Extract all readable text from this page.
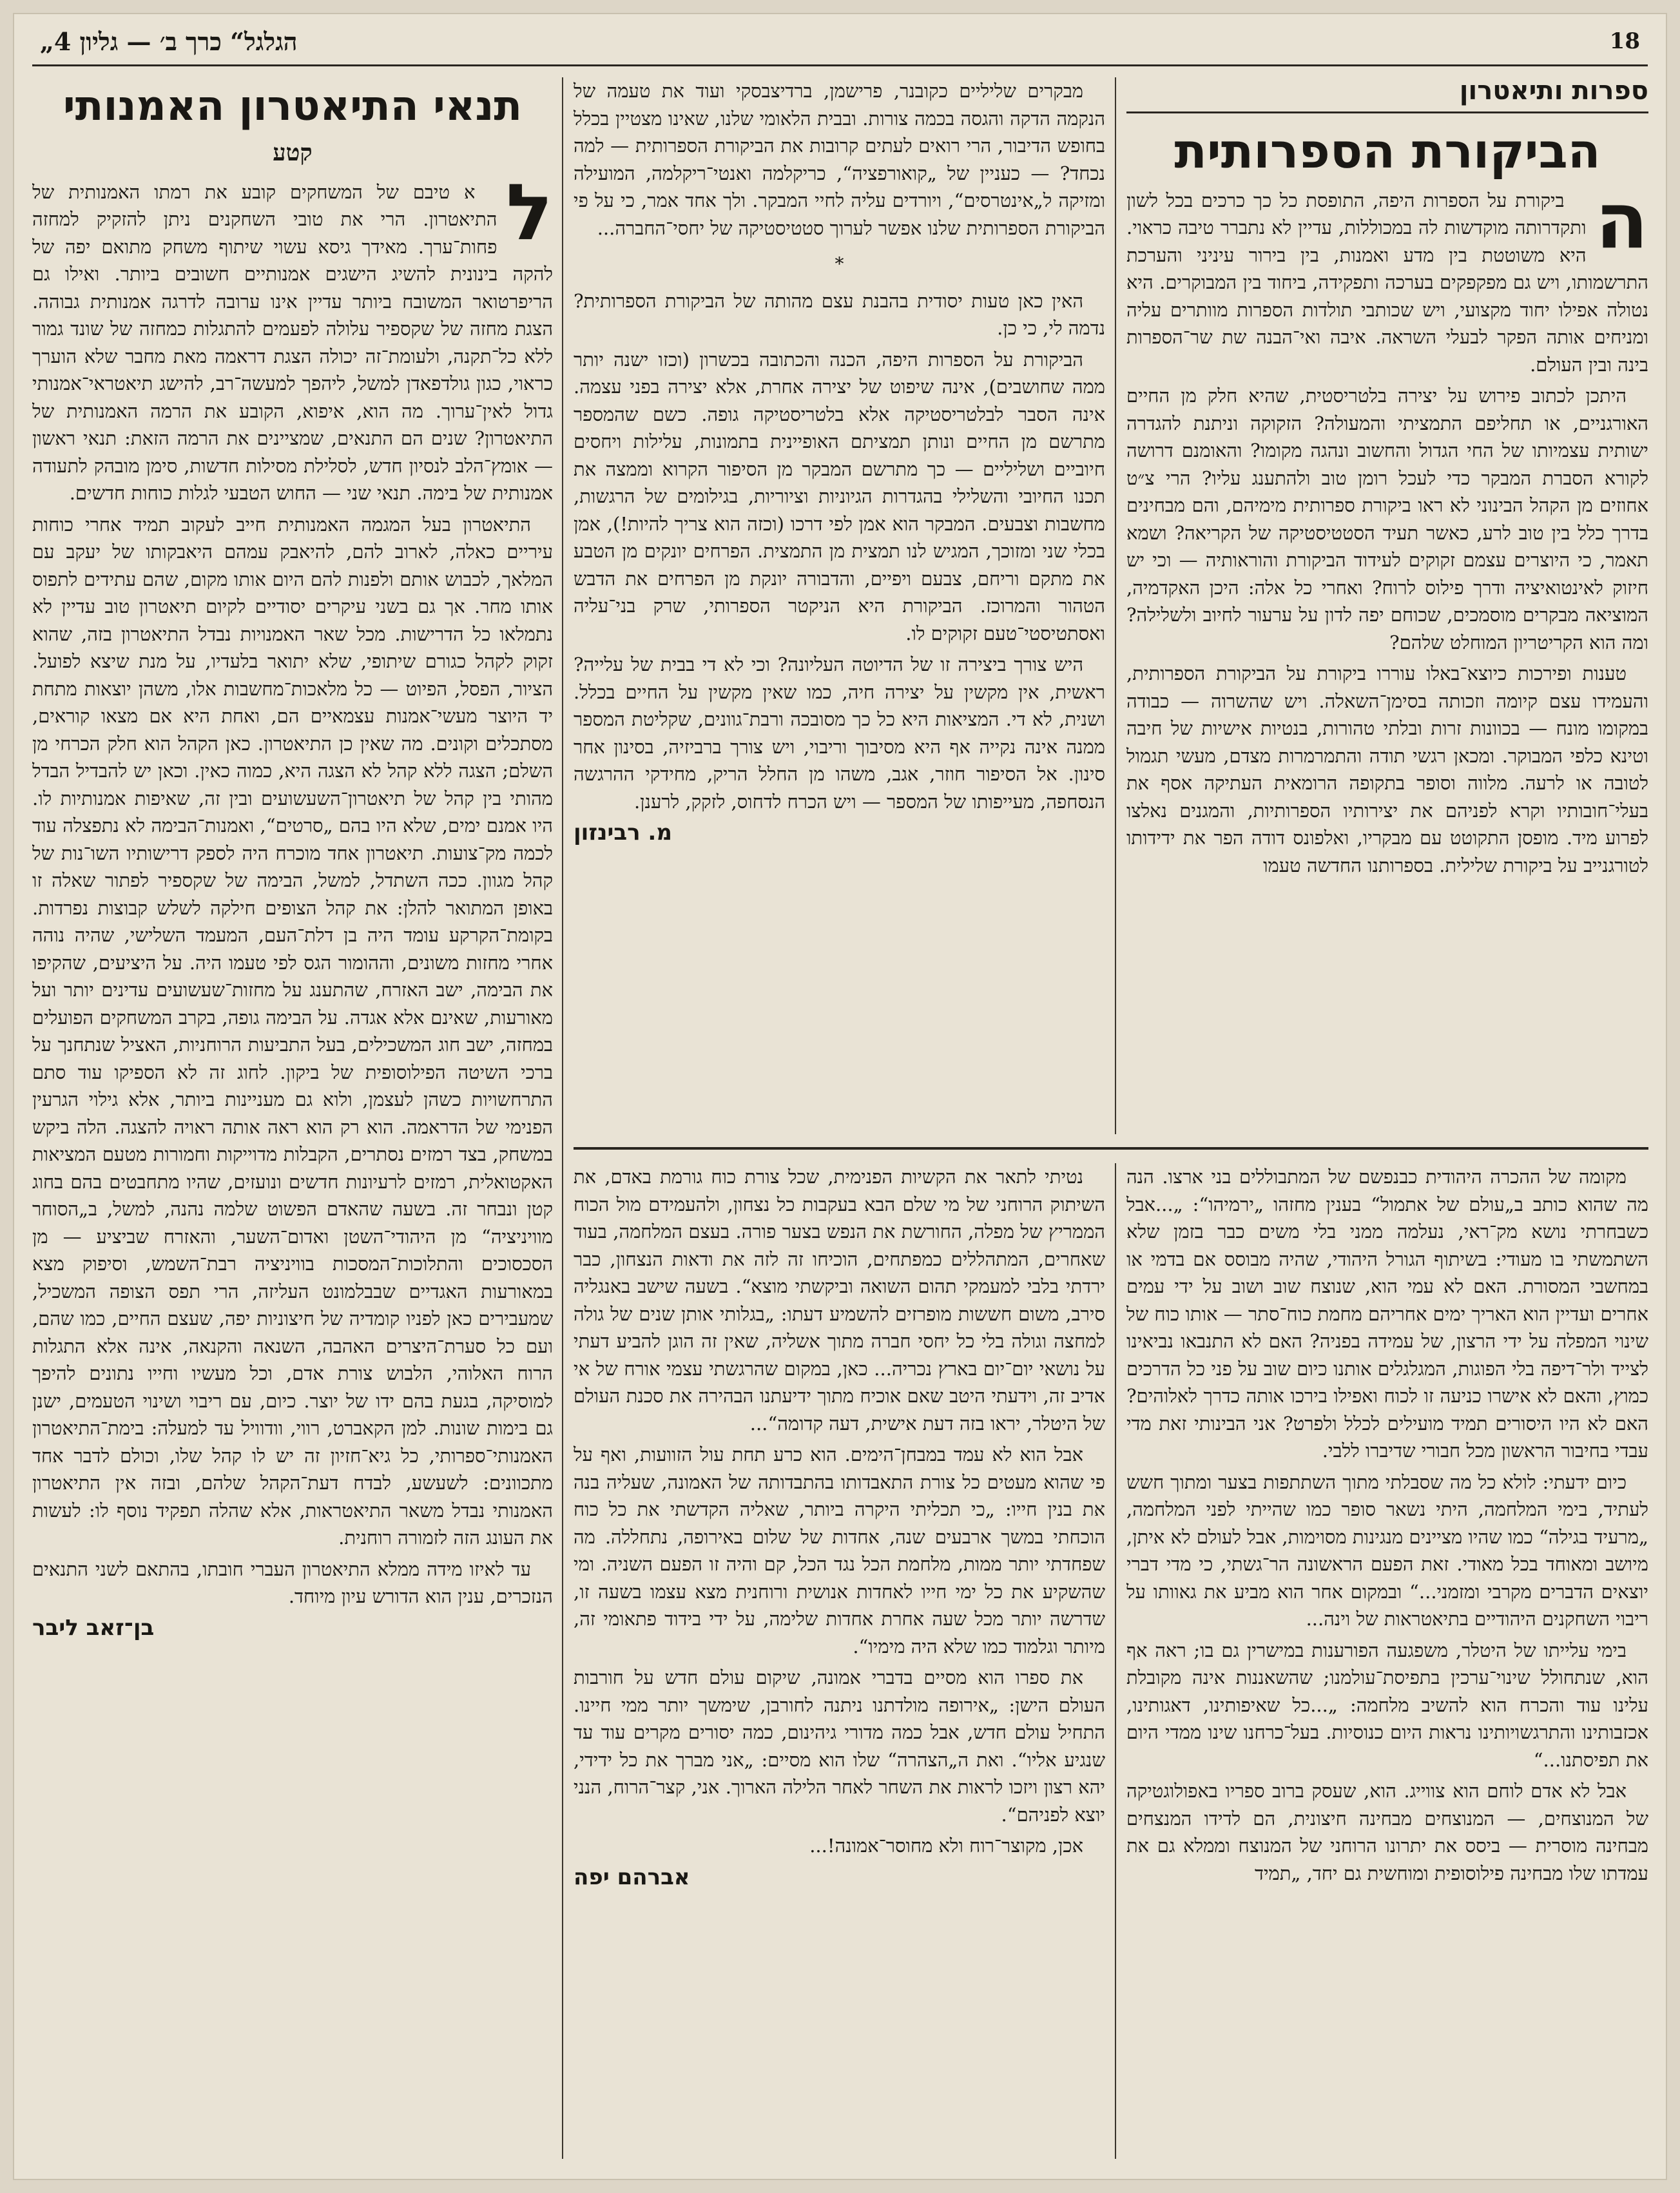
18
„הגלגל“ כרך ב׳ — גליון 4
ספרות ותיאטרון
הביקורת הספרותית
ה

ביקורת על הספרות היפה, התופסת כל כך כרכים בכל לשון ותקדרותה מוקדשות לה במכוללות, עדיין לא נתברר טיבה כראוי. היא משוטטת בין מדע ואמנות, בין בירור עיניני והערכת התרשמותו, ויש גם מפקפקים בערכה ותפקידה, ביחוד בין המבוקרים. היא נטולה אפילו יחוד מקצועי, ויש שכותבי תולדות הספרות מוותרים עליה ומניחים אותה הפקר לבעלי השראה. איבה ואי־הבנה שת שר־הספרות בינה ובין העולם.

היתכן לכתוב פירוש על יצירה בלטריסטית, שהיא חלק מן החיים האורגניים, או תחליפם התמציתי והמעולה? הזקוקה וניתנת להגדרה ישותית עצמיותו של החי הגדול והחשוב ונהגה מקומו? והאומנם דרושה לקורא הסברת המבקר כדי לעכל רומן טוב ולהתענג עליו? הרי צ״ט אחוזים מן הקהל הבינוני לא ראו ביקורת ספרותית מימיהם, והם מבחינים בדרך כלל בין טוב לרע, כאשר תעיד הסטטיסטיקה של הקריאה? ושמא תאמר, כי היוצרים עצמם זקוקים לעידוד הביקורת והוראותיה — וכי יש חיזוק לאינטואיציה ודרך פילוס לרוח? ואחרי כל אלה: היכן האקדמיה, המוציאה מבקרים מוסמכים, שכוחם יפה לדון על ערעור לחיוב ולשלילה? ומה הוא הקריטריון המוחלט שלהם?

טענות ופירכות כיוצא־באלו עוררו ביקורת על הביקורת הספרותית, והעמידו עצם קיומה וזכותה בסימן־השאלה. ויש שהשרוה — כבודה במקומו מונח — בכוונות זרות ובלתי טהורות, בנטיות אישיות של חיבה וטינא כלפי המבוקר. ומכאן רגשי תודה והתמרמרות מצדם, מעשי תגמול לטובה או לרעה. מלווה וסופר בתקופה הרומאית העתיקה אסף את בעלי־חובותיו וקרא לפניהם את יצירותיו הספרותיות, והמגנים נאלצו לפרוע מיד. מופסן התקוטט עם מבקריו, ואלפונס דודה הפר את ידידותו לטורגנייב על ביקורת שלילית. בספרותנו החדשה טעמו

מבקרים שליליים כקובנר, פרישמן, ברדיצבסקי ועוד את טעמה של הנקמה הדקה והגסה בכמה צורות. ובבית הלאומי שלנו, שאינו מצטיין בכלל בחופש הדיבור, הרי רואים לעתים קרובות את הביקורת הספרותית — למה נכחד? — כעניין של „קואורפציה“, כריקלמה ואנטי־ריקלמה, המועילה ומזיקה ל„אינטרסים“, ויורדים עליה לחיי המבקר. ולך אחד אמר, כי על פי הביקורת הספרותית שלנו אפשר לערוך סטטיסטיקה של יחסי־החברה...

*

האין כאן טעות יסודית בהבנת עצם מהותה של הביקורת הספרותית? נדמה לי, כי כן.

הביקורת על הספרות היפה, הכנה והכתובה בכשרון (וכזו ישנה יותר ממה שחושבים), אינה שיפוט של יצירה אחרת, אלא יצירה בפני עצמה. אינה הסבר לבלטריסטיקה אלא בלטריסטיקה גופה. כשם שהמספר מתרשם מן החיים ונותן תמציתם האופיינית בתמונות, עלילות ויחסים חיוביים ושליליים — כך מתרשם המבקר מן הסיפור הקרוא וממצה את תכנו החיובי והשלילי בהגדרות הגיוניות וציוריות, בגילומים של הרגשות, מחשבות וצבעים. המבקר הוא אמן לפי דרכו (וכזה הוא צריך להיות!), אמן בכלי שני ומזוכך, המגיש לנו תמצית מן התמצית. הפרחים יונקים מן הטבע את מתקם וריחם, צבעם ויפיים, והדבורה יונקת מן הפרחים את הדבש הטהור והמרוכז. הביקורת היא הניקטר הספרותי, שרק בני־עליה ואסתטיסטי־טעם זקוקים לו.

היש צורך ביצירה זו של הדיוטה העליונה? וכי לא די בבית של עלייה? ראשית, אין מקשין על יצירה חיה, כמו שאין מקשין על החיים בכלל. ושנית, לא די. המציאות היא כל כך מסובכה ורבת־גוונים, שקליטת המספר ממנה אינה נקייה אף היא מסיבוך וריבוי, ויש צורך ברביזיה, בסינון אחר סינון. אל הסיפור חוזר, אגב, משהו מן החלל הריק, מחידקי ההרגשה הנסחפה, מעייפותו של המספר — ויש הכרח לדחוס, לזקק, לרענן.

מ. רבינזון
תנאי התיאטרון האמנותי
קטע
ל

א טיבם של המשחקים קובע את רמתו האמנותית של התיאטרון. הרי את טובי השחקנים ניתן להזקיק למחזה פחות־ערך. מאידך גיסא עשוי שיתוף משחק מתואם יפה של להקה בינונית להשיג הישגים אמנותיים חשובים ביותר. ואילו גם הריפרטואר המשובח ביותר עדיין אינו ערובה לדרגה אמנותית גבוהה. הצגת מחזה של שקספיר עלולה לפעמים להתגלות כמחזה של שונד גמור ללא כל־תקנה, ולעומת־זה יכולה הצגת דראמה מאת מחבר שלא הוערך כראוי, כגון גולדפאדן למשל, ליהפך למעשה־רב, להישג תיאטראי־אמנותי גדול לאין־ערוך. מה הוא, איפוא, הקובע את הרמה האמנותית של התיאטרון? שנים הם התנאים, שמציינים את הרמה הזאת: תנאי ראשון — אומץ־הלב לנסיון חדש, לסלילת מסילות חדשות, סימן מובהק לתעודה אמנותית של בימה. תנאי שני — החוש הטבעי לגלות כוחות חדשים.

התיאטרון בעל המגמה האמנותית חייב לעקוב תמיד אחרי כוחות עיריים כאלה, לארוב להם, להיאבק עמהם היאבקותו של יעקב עם המלאך, לכבוש אותם ולפנות להם היום אותו מקום, שהם עתידים לתפוס אותו מחר. אך גם בשני עיקרים יסודיים לקיום תיאטרון טוב עדיין לא נתמלאו כל הדרישות. מכל שאר האמנויות נבדל התיאטרון בזה, שהוא זקוק לקהל כגורם שיתופי, שלא יתואר בלעדיו, על מנת שיצא לפועל. הציור, הפסל, הפיוט — כל מלאכות־מחשבות אלו, משהן יוצאות מתחת יד היוצר מעשי־אמנות עצמאיים הם, ואחת היא אם מצאו קוראים, מסתכלים וקונים. מה שאין כן התיאטרון. כאן הקהל הוא חלק הכרחי מן השלם; הצגה ללא קהל לא הצגה היא, כמוה כאין. וכאן יש להבדיל הבדל מהותי בין קהל של תיאטרון־השעשועים ובין זה, שאיפות אמנותיות לו. היו אמנם ימים, שלא היו בהם „סרטים“, ואמנות־הבימה לא נתפצלה עוד לכמה מק־צועות. תיאטרון אחד מוכרח היה לספק דרישותיו השו־נות של קהל מגוון. ככה השתדל, למשל, הבימה של שקספיר לפתור שאלה זו באופן המתואר להלן: את קהל הצופים חילקה לשלש קבוצות נפרדות. בקומת־הקרקע עומד היה בן דלת־העם, המעמד השלישי, שהיה נוהה אחרי מחזות משונים, וההומור הגס לפי טעמו היה. על היציעים, שהקיפו את הבימה, ישב האזרח, שהתענג על מחזות־שעשועים עדינים יותר ועל מאורעות, שאינם אלא אגדה. על הבימה גופה, בקרב המשחקים הפועלים במחזה, ישב חוג המשכילים, בעל התביעות הרוחניות, האציל שנתחנך על ברכי השיטה הפילוסופית של ביקון. לחוג זה לא הספיקו עוד סתם התרחשויות כשהן לעצמן, ולוא גם מעניינות ביותר, אלא גילוי הגרעין הפנימי של הדראמה. הוא רק הוא ראה אותה ראויה להצגה. הלה ביקש במשחק, בצד רמזים נסתרים, הקבלות מדוייקות וחמורות מטעם המציאות האקטואלית, רמזים לרעיונות חדשים ונועזים, שהיו מתחבטים בהם בחוג קטן ונבחר זה. בשעה שהאדם הפשוט שלמה נהנה, למשל, ב„הסוחר מוויניציה“ מן היהודי־השטן ואדום־השער, והאזרח שביציע — מן הסכסוכים והתלוכות־המסכות בוויניציה רבת־השמש, וסיפוק מצא במאורעות האגדיים שבבלמונט העליזה, הרי תפס הצופה המשכיל, שמעבירים כאן לפניו קומדיה של חיצוניות יפה, שעצם החיים, כמו שהם, ועם כל סערת־היצרים האהבה, השנאה והקנאה, אינה אלא התגלות הרוח האלוהי, הלבוש צורת אדם, וכל מעשיו וחייו נתונים להיפך למוסיקה, בגעת בהם ידו של יוצר. כיום, עם ריבוי ושינוי הטעמים, ישנן גם בימות שונות. למן הקאברט, רווי, וודוויל עד למעלה: בימת־התיאטרון האמנותי־ספרותי, כל גיא־חזיון זה יש לו קהל שלו, וכולם לדבר אחד מתכוונים: לשעשע, לבדח דעת־הקהל שלהם, ובזה אין התיאטרון האמנותי נבדל משאר התיאטראות, אלא שהלה תפקיד נוסף לו: לעשות את העונג הזה לזמורה רוחנית.

עד לאיזו מידה ממלא התיאטרון העברי חובתו, בהתאם לשני התנאים הנזכרים, ענין הוא הדורש עיון מיוחד.

בן־זאב ליבר

מקומה של ההכרה היהודית כבנפשם של המתבוללים בני ארצו. הנה מה שהוא כותב ב„עולם של אתמול“ בענין מחזהו „ירמיהו“: „...אבל כשבחרתי נושא מק־ראי, נעלמה ממני בלי משים כבר בזמן שלא השתמשתי בו מעודי: בשיתוף הגורל היהודי, שהיה מבוסס אם בדמי או במחשבי המסורת. האם לא עמי הוא, שנוצח שוב ושוב על ידי עמים אחרים ועדיין הוא האריך ימים אחריהם מחמת כוח־סתר — אותו כוח של שינוי המפלה על ידי הרצון, של עמידה בפניה? האם לא התנבאו נביאינו לצייד ולר־דיפה בלי הפוגות, המגלגלים אותנו כיום שוב על פני כל הדרכים כמוץ, והאם לא אישרו כניעה זו לכוח ואפילו בירכו אותה כדרך לאלוהים? האם לא היו היסורים תמיד מועילים לכלל ולפרט? אני הבינותי זאת מדי עבדי בחיבור הראשון מכל חבורי שדיברו ללבי.

כיום ידעתי: לולא כל מה שסבלתי מתוך השתתפות בצער ומתוך חשש לעתיד, בימי המלחמה, היתי נשאר סופר כמו שהייתי לפני המלחמה, „מרעיד בגילה“ כמו שהיו מציינים מנגינות מסוימות, אבל לעולם לא איתן, מיושב ומאוחד בכל מאודי. זאת הפעם הראשונה הר־גשתי, כי מדי דברי יוצאים הדברים מקרבי ומזמני...“ ובמקום אחר הוא מביע את גאוותו על ריבוי השחקנים היהודיים בתיאטראות של וינה...

בימי עלייתו של היטלר, משפגעה הפורענות במישרין גם בו; ראה אף הוא, שנתחולל שינוי־ערכין בתפיסת־עולמנו; שהשאננות אינה מקובלת עלינו עוד והכרח הוא להשיב מלחמה: „...כל שאיפותינו, דאגותינו, אכזבותינו והתרגשויותינו נראות היום כנוסיות. בעל־כרחנו שינו ממדי היום את תפיסתנו...“

אבל לא אדם לוחם הוא צווייג. הוא, שעסק ברוב ספריו באפולוגטיקה של המנוצחים, — המנוצחים מבחינה חיצונית, הם לדידו המנצחים מבחינה מוסרית — ביסס את יתרונו הרוחני של המנוצח וממלא גם את עמדתו שלו מבחינה פילוסופית ומוחשית גם יחד, „תמיד

נטיתי לתאר את הקשיות הפנימית, שכל צורת כוח גורמת באדם, את השיתוק הרוחני של מי שלם הבא בעקבות כל נצחון, ולהעמידם מול הכוח הממריץ של מפלה, החורשת את הנפש בצער פורה. בעצם המלחמה, בעוד שאחרים, המתהללים כמפתחים, הוכיחו זה לזה את ודאות הנצחון, כבר ירדתי בלבי למעמקי תהום השואה וביקשתי מוצא“. בשעה שישב באנגליה סירב, משום חששות מופרזים להשמיע דעתו: „בגלותי אותן שנים של גולה למחצה וגולה בלי כל יחסי חברה מתוך אשליה, שאין זה הוגן להביע דעתי על נושאי יום־יום בארץ נכריה... כאן, במקום שהרגשתי עצמי אורח של אי אדיב זה, וידעתי היטב שאם אוכיח מתוך ידיעתנו הבהירה את סכנת העולם של היטלר, יראו בזה דעת אישית, דעה קדומה“...

אבל הוא לא עמד במבחן־הימים. הוא כרע תחת עול הזוועות, ואף על פי שהוא מעטים כל צורת התאבדותו בהתבדותה של האמונה, שעליה בנה את בנין חייו: „כי תכליתי היקרה ביותר, שאליה הקדשתי את כל כוח הוכחתי במשך ארבעים שנה, אחדות של שלום באירופה, נתחללה. מה שפחדתי יותר ממות, מלחמת הכל נגד הכל, קם והיה זו הפעם השניה. ומי שהשקיע את כל ימי חייו לאחדות אנושית ורוחנית מצא עצמו בשעה זו, שדרשה יותר מכל שעה אחרת אחדות שלימה, על ידי בידוד פתאומי זה, מיותר וגלמוד כמו שלא היה מימיו“.

את ספרו הוא מסיים בדברי אמונה, שיקום עולם חדש על חורבות העולם הישן: „אירופה מולדתנו ניתנה לחורבן, שימשך יותר ממי חיינו. התחיל עולם חדש, אבל כמה מדורי גיהינום, כמה יסורים מקרים עוד עד שנגיע אליו“. ואת ה„הצהרה“ שלו הוא מסיים: „אני מברך את כל ידידי, יהא רצון ויזכו לראות את השחר לאחר הלילה הארוך. אני, קצר־הרוח, הנני יוצא לפניהם“.

אכן, מקוצר־רוח ולא מחוסר־אמונה!...

אברהם יפה
